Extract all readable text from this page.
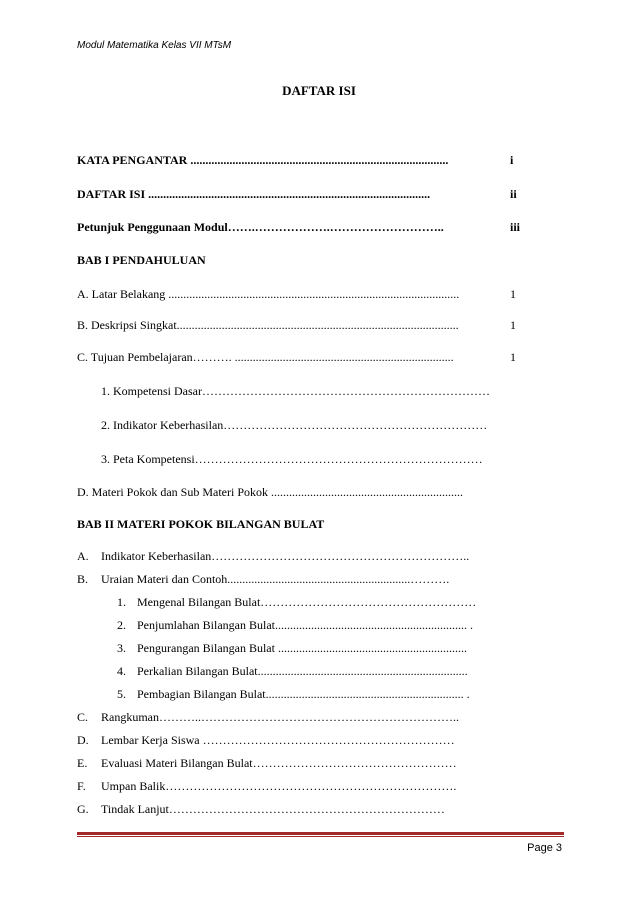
Modul Matematika Kelas VII MTsM
DAFTAR ISI
KATA PENGANTAR ......................................................................................	i
DAFTAR ISI ..............................................................................................	ii
Petunjuk Penggunaan Modul…….……………….………………………..	iii
BAB I PENDAHULUAN
A. Latar Belakang .................................................................................................	1
B. Deskripsi Singkat..............................................................................................	1
C. Tujuan Pembelajaran………. .........................................................................	1
1. Kompetensi Dasar………………………………………………………………
2. Indikator Keberhasilan…………………………………………………………
3. Peta Kompetensi………………………………………………………………
D. Materi Pokok dan Sub Materi Pokok ................................................................
BAB II MATERI POKOK BILANGAN BULAT
A. Indikator Keberhasilan………………………………………………………..
B. Uraian Materi dan Contoh.............................................................……….
1. Mengenal Bilangan Bulat………………………………………………
2. Penjumlahan Bilangan Bulat................................................................ .
3. Pengurangan Bilangan Bulat ...............................................................
4. Perkalian Bilangan Bulat......................................................................
5. Pembagian Bilangan Bulat.................................................................. .
C. Rangkuman………..………………………………………………………..
D. Lembar Kerja Siswa ………………………………………………………
E. Evaluasi Materi Bilangan Bulat……………………………………………
F. Umpan Balik……………………………………………………………….
G. Tindak Lanjut……………………………………………………………
Page 3
